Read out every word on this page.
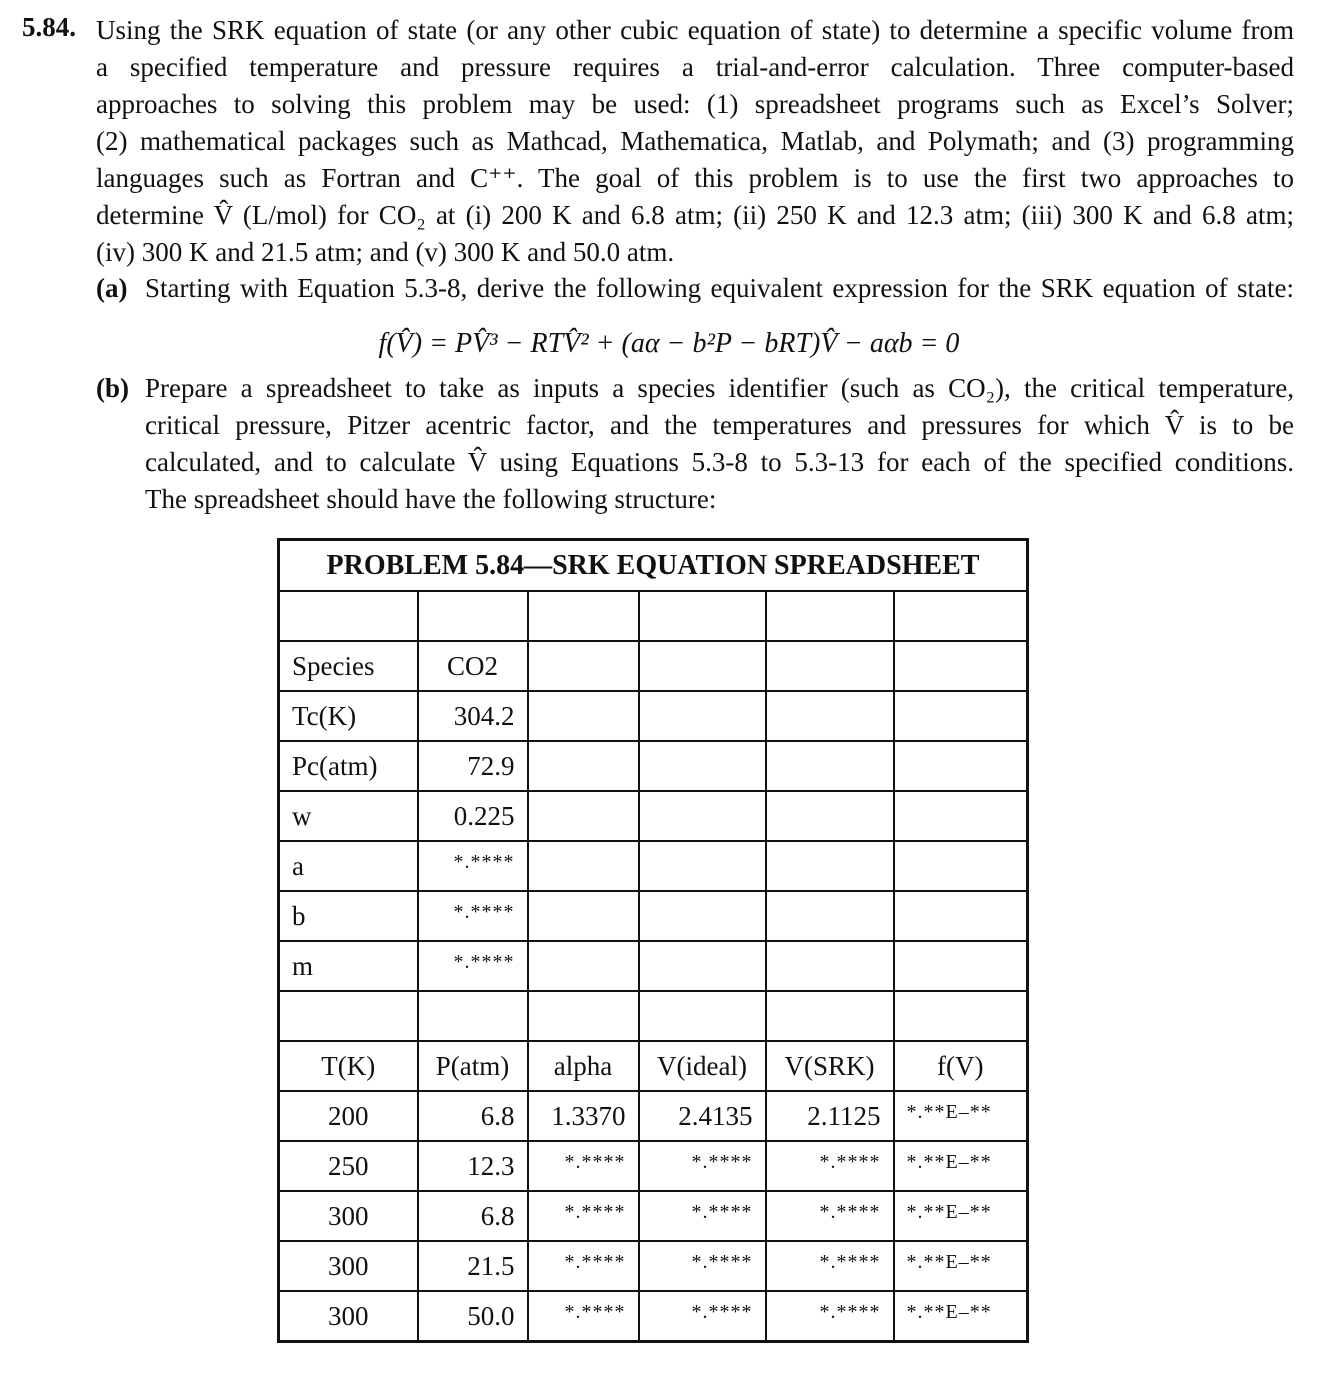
5.84. Using the SRK equation of state (or any other cubic equation of state) to determine a specific volume from
a specified temperature and pressure requires a trial-and-error calculation. Three computer-based
approaches to solving this problem may be used: (1) spreadsheet programs such as Excel’s Solver;
(2) mathematical packages such as Mathcad, Mathematica, Matlab, and Polymath; and (3) programming
languages such as Fortran and C⁺⁺. The goal of this problem is to use the first two approaches to
determine V̂ (L/mol) for CO₂ at (i) 200 K and 6.8 atm; (ii) 250 K and 12.3 atm; (iii) 300 K and 6.8 atm;
(iv) 300 K and 21.5 atm; and (v) 300 K and 50.0 atm.
Starting with Equation 5.3-8, derive the following equivalent expression for the SRK equation of state:
Prepare a spreadsheet to take as inputs a species identifier (such as CO₂), the critical temperature,
critical pressure, Pitzer acentric factor, and the temperatures and pressures for which V̂ is to be
calculated, and to calculate V̂ using Equations 5.3-8 to 5.3-13 for each of the specified conditions.
The spreadsheet should have the following structure:
(a)
(b)
f(V̂) = PV̂³ − RTV̂² + (aα − b²P − bRT)V̂ − aαb = 0
PROBLEM 5.84—SRK EQUATION SPREADSHEET					

Species	CO2				
Tc(K)	304.2				
Pc(atm)	72.9				
w	0.225				
a	*.****				
b	*.****				
m	*.****				

T(K)	P(atm)	alpha	V(ideal)	V(SRK)	f(V)
200	6.8	1.3370	2.4135	2.1125	$^{*.**E-**}$
250	12.3	*.****	*.****	*.****	$^{*.**E-**}$
300	6.8	*.****	*.****	*.****	$^{*.**E-**}$
300	21.5	*.****	*.****	*.****	$^{*.**E-**}$
300	50.0	*.****	*.****	*.****	$^{*.**E-**}$
